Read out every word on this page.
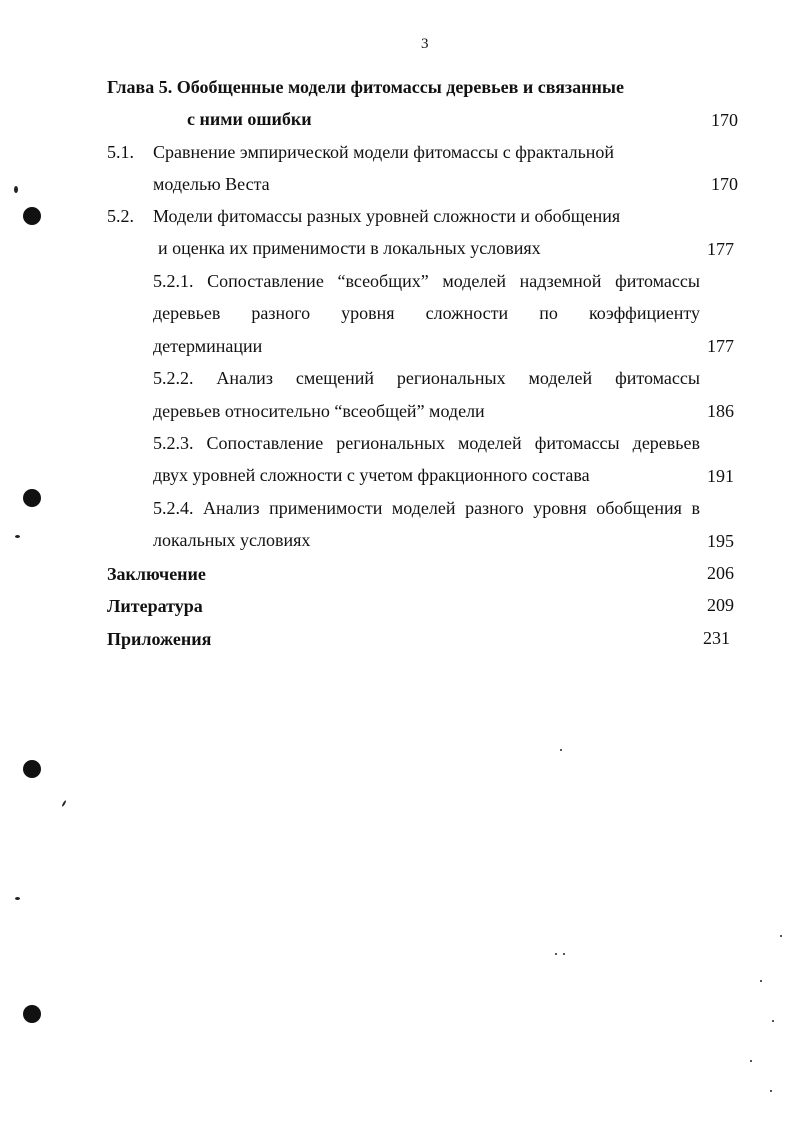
3
Глава 5. Обобщенные модели фитомассы деревьев и связанные
с ними ошибки	170
5.1. Сравнение эмпирической модели фитомассы с фрактальной
моделью Веста	170
5.2. Модели фитомассы разных уровней сложности и обобщения
и оценка их применимости в локальных условиях	177
5.2.1. Сопоставление “всеобщих” моделей надземной фитомассы
деревьев разного уровня сложности по коэффициенту
детерминации	177
5.2.2. Анализ смещений региональных моделей фитомассы
деревьев относительно “всеобщей” модели	186
5.2.3. Сопоставление региональных моделей фитомассы деревьев
двух уровней сложности с учетом фракционного состава	191
5.2.4. Анализ применимости моделей разного уровня обобщения в
локальных условиях	195
Заключение	206
Литература	209
Приложения	231
